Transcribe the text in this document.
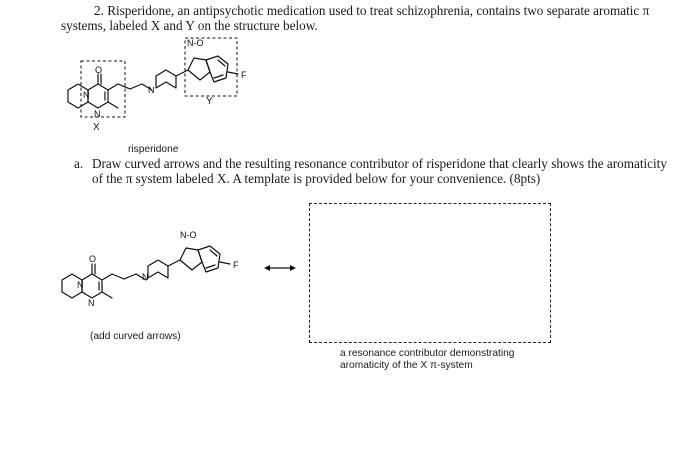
2. Risperidone, an antipsychotic medication used to treat schizophrenia, contains two separate aromatic π
systems, labeled X and Y on the structure below.
O
N
N
N
N-O
F
Y
X
risperidone
a. Draw curved arrows and the resulting resonance contributor of risperidone that clearly shows the aromaticity
of the π system labeled X. A template is provided below for your convenience. (8pts)
O
N
N
N
N-O
F
(add curved arrows)
a resonance contributor demonstrating
aromaticity of the X π-system
